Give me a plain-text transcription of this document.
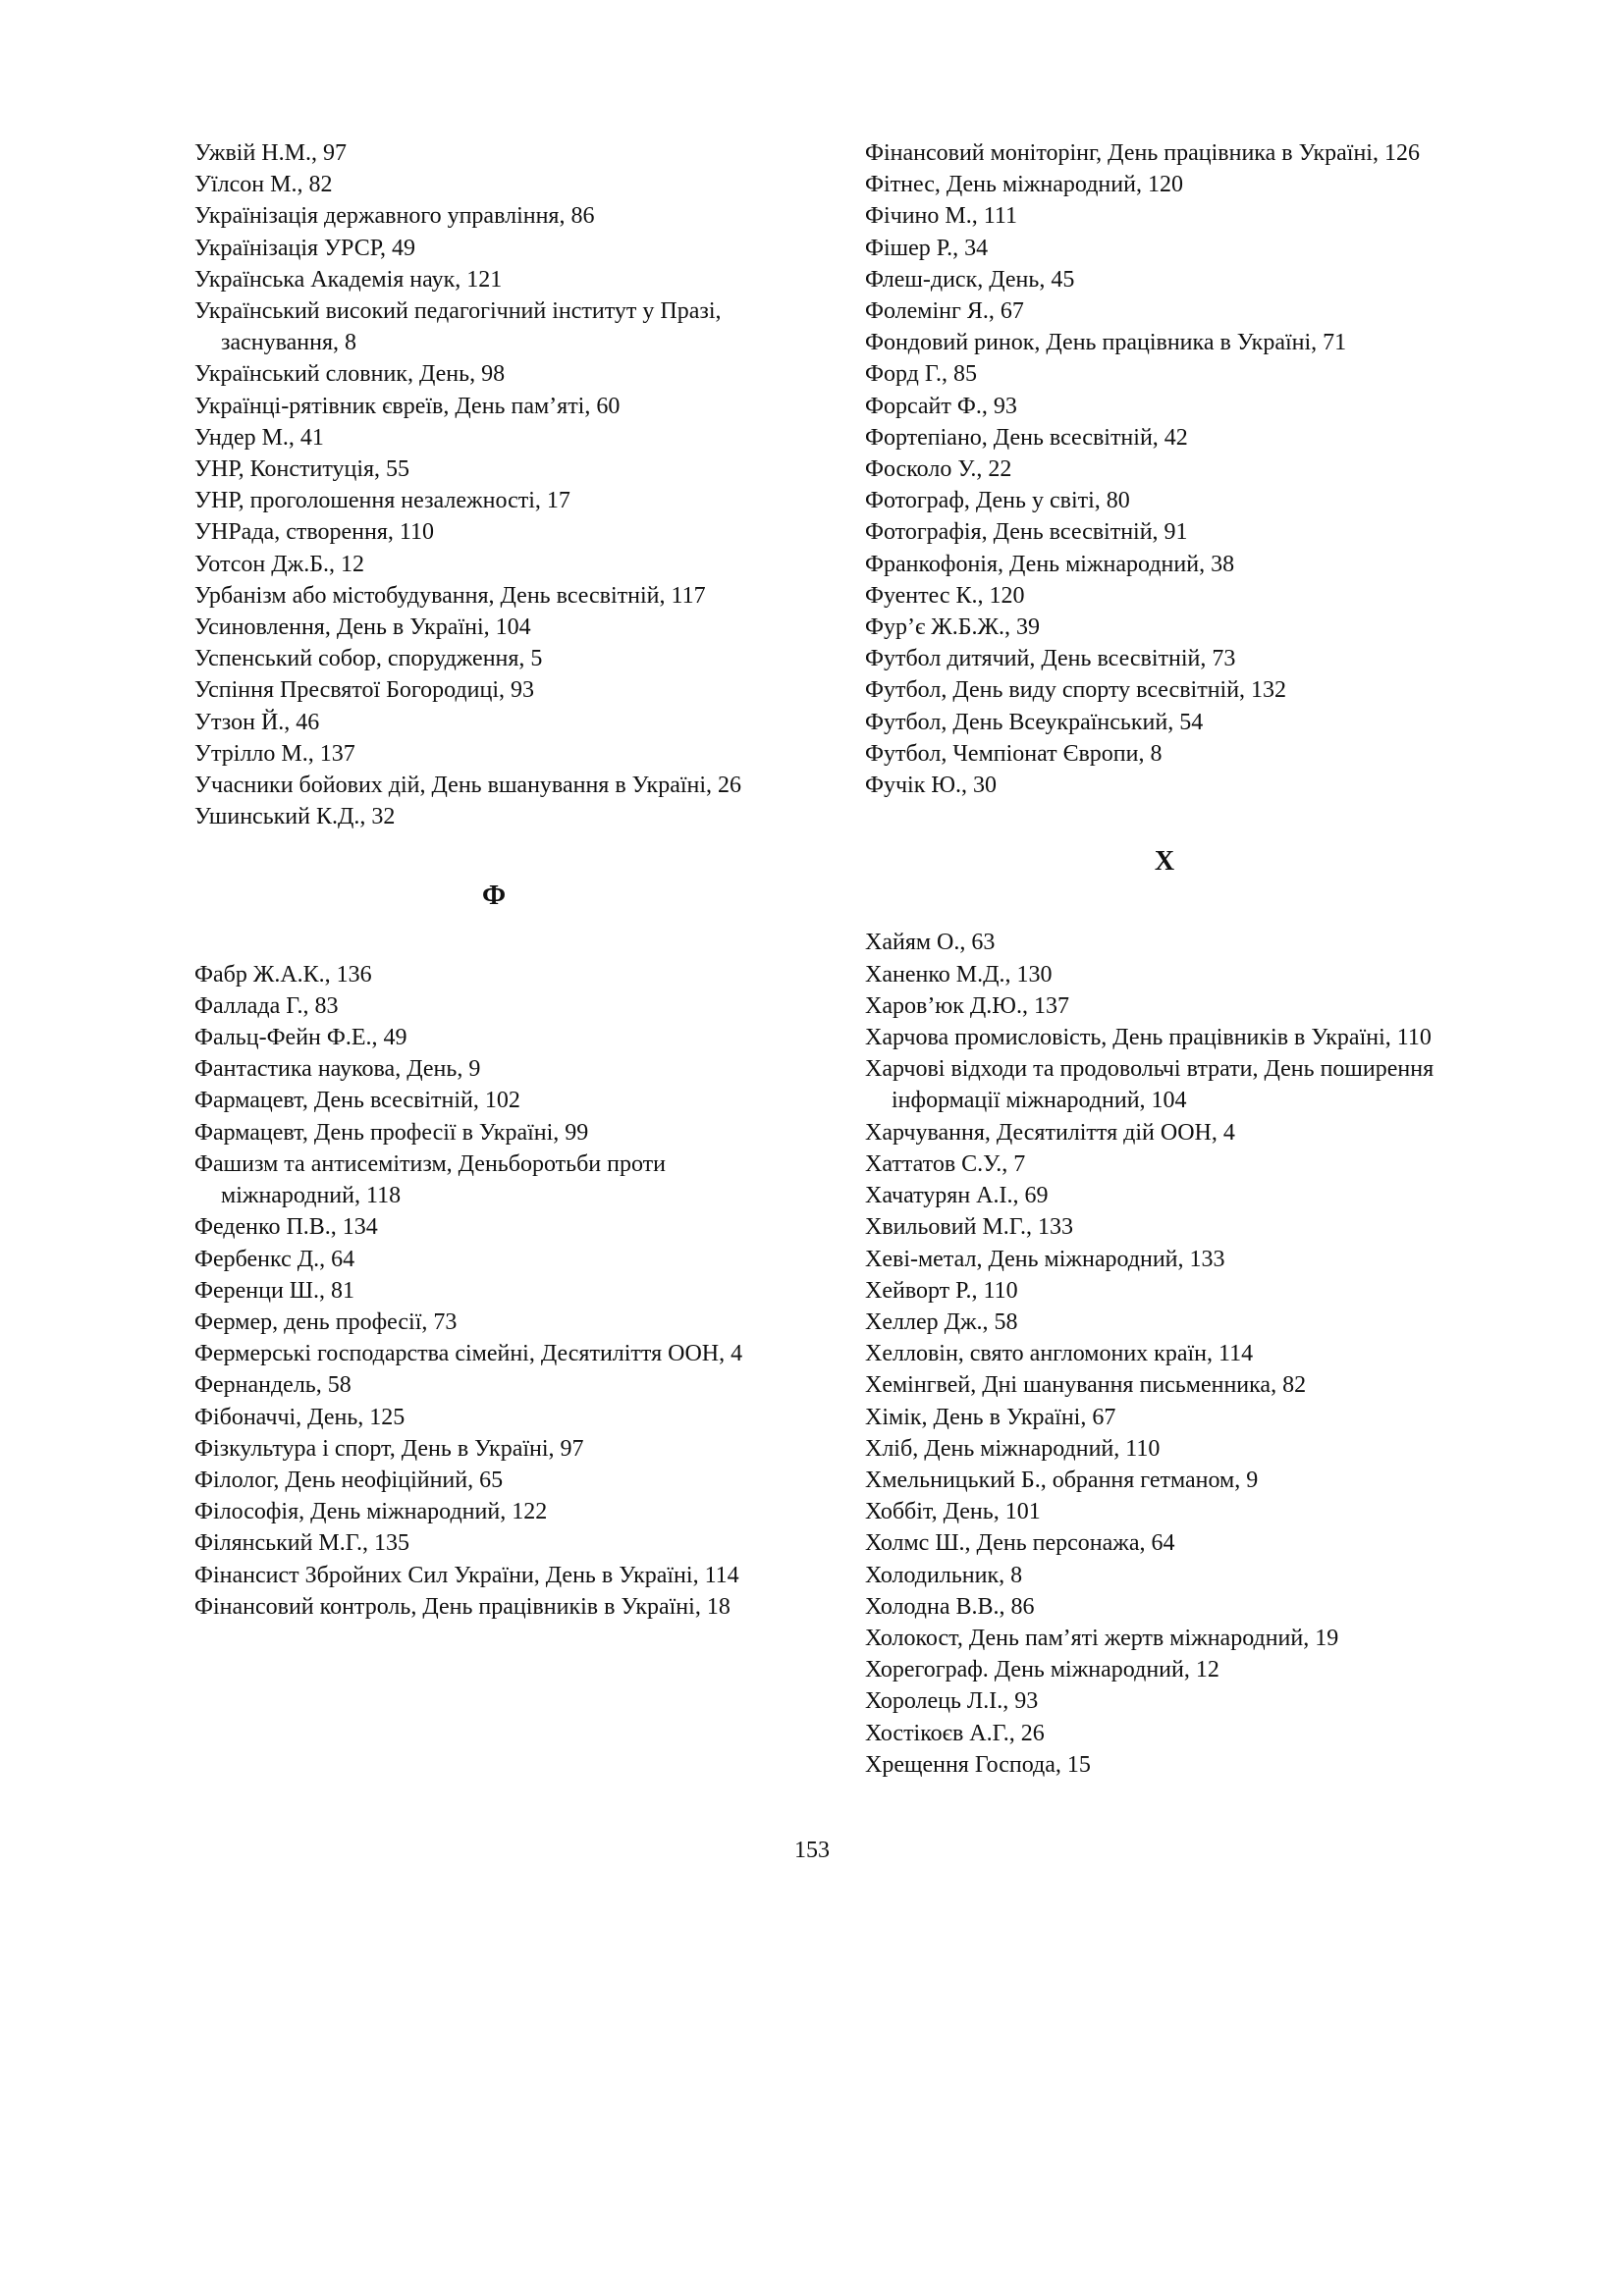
Ужвій Н.М., 97
Уїлсон М., 82
Українізація державного управління, 86
Українізація УРСР, 49
Українська Академія наук, 121
Український високий педагогічний інститут у Празі, заснування, 8
Український словник, День, 98
Українці-рятівник євреїв, День пам’яті, 60
Ундер М., 41
УНР, Конституція, 55
УНР, проголошення незалежності, 17
УНРада, створення, 110
Уотсон Дж.Б., 12
Урбанізм або містобудування, День всесвітній, 117
Усиновлення, День в Україні, 104
Успенський собор, спорудження, 5
Успіння Пресвятої Богородиці, 93
Утзон Й., 46
Утрілло М., 137
Учасники бойових дій, День вшанування в Україні, 26
Ушинський К.Д., 32
Ф
Фабр Ж.А.К., 136
Фаллада Г., 83
Фальц-Фейн Ф.Е., 49
Фантастика наукова, День, 9
Фармацевт, День всесвітній, 102
Фармацевт, День професії в Україні, 99
Фашизм та антисемітизм, Деньборотьби проти міжнародний, 118
Феденко П.В., 134
Фербенкс Д., 64
Ференци Ш., 81
Фермер, день професії, 73
Фермерські господарства сімейні, Десятиліття ООН, 4
Фернандель, 58
Фібоначчі, День, 125
Фізкультура і спорт, День в Україні, 97
Філолог, День неофіційний, 65
Філософія, День міжнародний, 122
Філянський М.Г., 135
Фінансист Збройних Сил України, День в Україні, 114
Фінансовий контроль, День працівників в Україні, 18
Фінансовий моніторінг, День працівника в Україні, 126
Фітнес, День міжнародний, 120
Фічино М., 111
Фішер Р., 34
Флеш-диск, День, 45
Фолемінг Я., 67
Фондовий ринок, День працівника в Україні, 71
Форд Г., 85
Форсайт Ф., 93
Фортепіано, День всесвітній, 42
Фосколо У., 22
Фотограф, День у світі, 80
Фотографія, День всесвітній, 91
Франкофонія, День міжнародний, 38
Фуентес К., 120
Фур’є Ж.Б.Ж., 39
Футбол дитячий, День всесвітній, 73
Футбол, День виду спорту всесвітній, 132
Футбол, День Всеукраїнський, 54
Футбол, Чемпіонат Європи, 8
Фучік Ю., 30
Х
Хайям О., 63
Ханенко М.Д., 130
Харов’юк Д.Ю., 137
Харчова промисловість, День працівників в Україні, 110
Харчові відходи та продовольчі втрати, День поширення інформації міжнародний, 104
Харчування, Десятиліття дій ООН, 4
Хаттатов С.У., 7
Хачатурян А.І., 69
Хвильовий М.Г., 133
Хеві-метал, День міжнародний, 133
Хейворт Р., 110
Хеллер Дж., 58
Хелловін, свято англомоних країн, 114
Хемінгвей, Дні шанування письменника, 82
Хімік, День в Україні, 67
Хліб, День міжнародний, 110
Хмельницький Б., обрання гетманом, 9
Хоббіт, День, 101
Холмс Ш., День персонажа, 64
Холодильник, 8
Холодна В.В., 86
Холокост, День пам’яті жертв міжнародний, 19
Хорегограф. День міжнародний, 12
Хоролець Л.І., 93
Хостікоєв А.Г., 26
Хрещення Господа, 15
153
